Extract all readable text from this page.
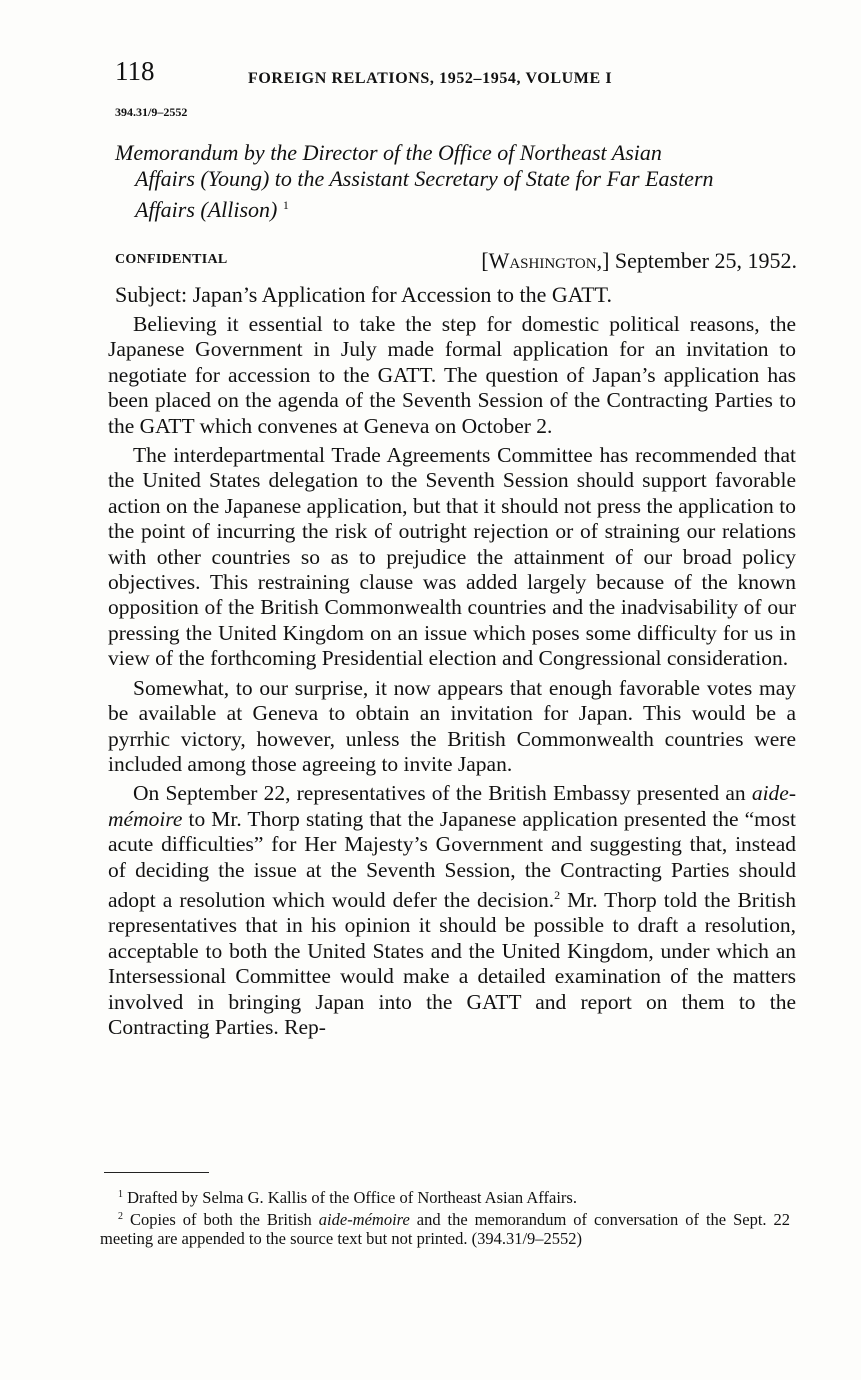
118	FOREIGN RELATIONS, 1952–1954, VOLUME I
394.31/9–2552
Memorandum by the Director of the Office of Northeast Asian
Affairs (Young) to the Assistant Secretary of State for Far Eastern
Affairs (Allison) $^1$
CONFIDENTIAL	[Washington,] September 25, 1952.
Subject: Japan’s Application for Accession to the GATT.

Believing it essential to take the step for domestic political reasons, the Japanese Government in July made formal application for an invitation to negotiate for accession to the GATT. The question of Japan’s application has been placed on the agenda of the Seventh Session of the Contracting Parties to the GATT which convenes at Geneva on October 2.

The interdepartmental Trade Agreements Committee has recommended that the United States delegation to the Seventh Session should support favorable action on the Japanese application, but that it should not press the application to the point of incurring the risk of outright rejection or of straining our relations with other countries so as to prejudice the attainment of our broad policy objectives. This restraining clause was added largely because of the known opposition of the British Commonwealth countries and the inadvisability of our pressing the United Kingdom on an issue which poses some difficulty for us in view of the forthcoming Presidential election and Congressional consideration.

Somewhat, to our surprise, it now appears that enough favorable votes may be available at Geneva to obtain an invitation for Japan. This would be a pyrrhic victory, however, unless the British Commonwealth countries were included among those agreeing to invite Japan.

On September 22, representatives of the British Embassy presented an aide-mémoire to Mr. Thorp stating that the Japanese application presented the “most acute difficulties” for Her Majesty’s Government and suggesting that, instead of deciding the issue at the Seventh Session, the Contracting Parties should adopt a resolution which would defer the decision.$^2$ Mr. Thorp told the British representatives that in his opinion it should be possible to draft a resolution, acceptable to both the United States and the United Kingdom, under which an Intersessional Committee would make a detailed examination of the matters involved in bringing Japan into the GATT and report on them to the Contracting Parties. Rep-

$^1$ Drafted by Selma G. Kallis of the Office of Northeast Asian Affairs.

$^2$ Copies of both the British aide-mémoire and the memorandum of conversation of the Sept. 22 meeting are appended to the source text but not printed. (394.31/9–2552)
